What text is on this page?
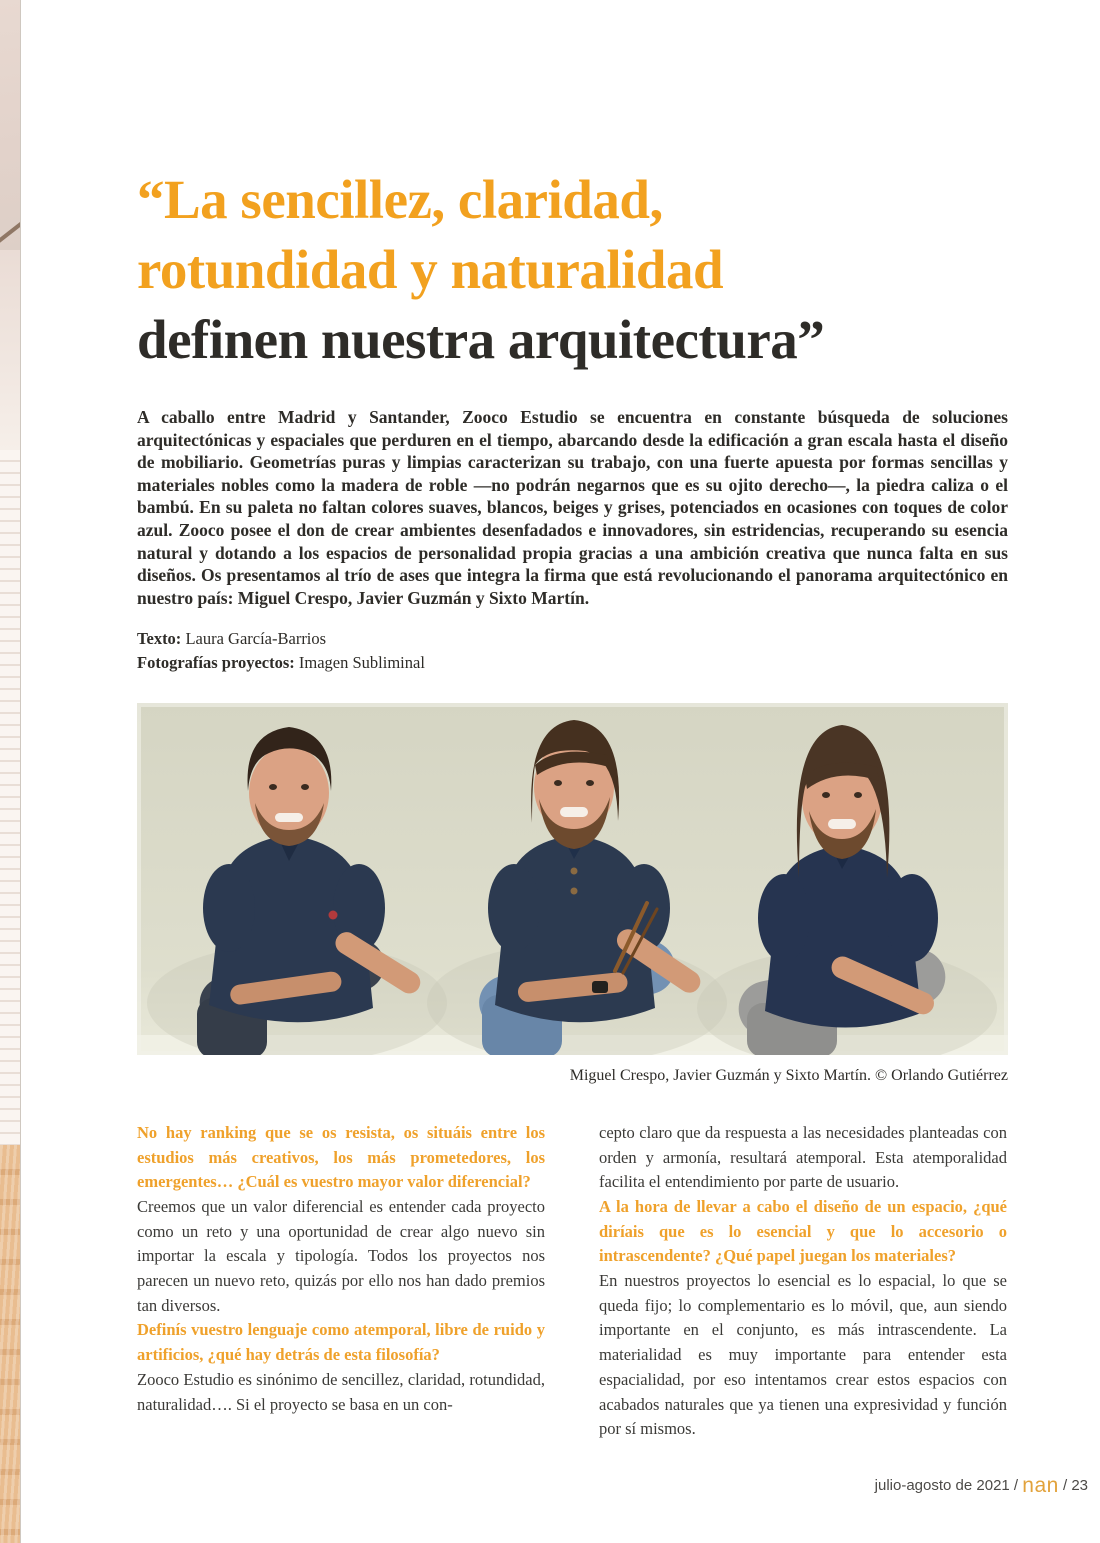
“La sencillez, claridad,
rotundidad y naturalidad
definen nuestra arquitectura”

A caballo entre Madrid y Santander, Zooco Estudio se encuentra en constante búsqueda de soluciones arquitectónicas y espaciales que perduren en el tiempo, abarcando desde la edificación a gran escala hasta el diseño de mobiliario. Geometrías puras y limpias caracterizan su trabajo, con una fuerte apuesta por formas sencillas y materiales nobles como la madera de roble —no podrán negarnos que es su ojito derecho—, la piedra caliza o el bambú. En su paleta no faltan colores suaves, blancos, beiges y grises, potenciados en ocasiones con toques de color azul. Zooco posee el don de crear ambientes desenfadados e innovadores, sin estridencias, recuperando su esencia natural y dotando a los espacios de personalidad propia gracias a una ambición creativa que nunca falta en sus diseños. Os presentamos al trío de ases que integra la firma que está revolucionando el panorama arquitectónico en nuestro país: Miguel Crespo, Javier Guzmán y Sixto Martín.

Texto: Laura García-Barrios
Fotografías proyectos: Imagen Subliminal
Miguel Crespo, Javier Guzmán y Sixto Martín. © Orlando Gutiérrez

No hay ranking que se os resista, os situáis entre los estudios más creativos, los más prometedores, los emergentes… ¿Cuál es vuestro mayor valor diferencial?

Creemos que un valor diferencial es entender cada proyecto como un reto y una oportunidad de crear algo nuevo sin importar la escala y tipología. Todos los proyectos nos parecen un nuevo reto, quizás por ello nos han dado premios tan diversos.

Definís vuestro lenguaje como atemporal, libre de ruido y artificios, ¿qué hay detrás de esta filosofía?

Zooco Estudio es sinónimo de sencillez, claridad, rotundidad, naturalidad…. Si el proyecto se basa en un con-

cepto claro que da respuesta a las necesidades planteadas con orden y armonía, resultará atemporal. Esta atemporalidad facilita el entendimiento por parte de usuario.

A la hora de llevar a cabo el diseño de un espacio, ¿qué diríais que es lo esencial y que lo accesorio o intrascendente? ¿Qué papel juegan los materiales?

En nuestros proyectos lo esencial es lo espacial, lo que se queda fijo; lo complementario es lo móvil, que, aun siendo importante en el conjunto, es más intrascendente. La materialidad es muy importante para entender esta espacialidad, por eso intentamos crear estos espacios con acabados naturales que ya tienen una expresividad y función por sí mismos.

julio-agosto de 2021 / nan / 23
